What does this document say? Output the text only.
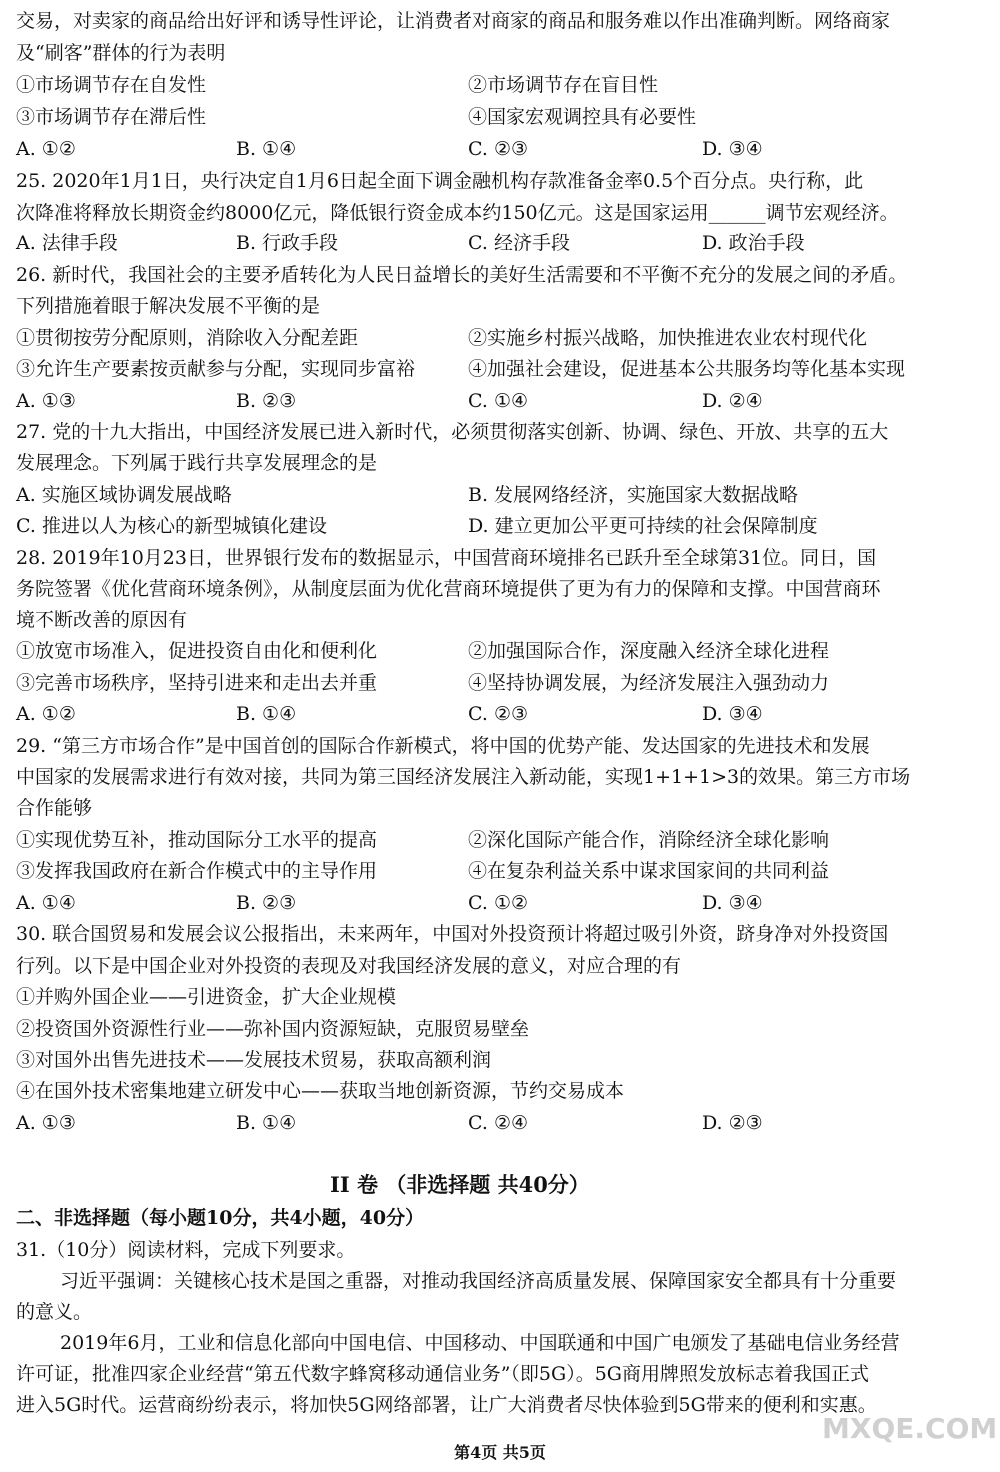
交易，对卖家的商品给出好评和诱导性评论，让消费者对商家的商品和服务难以作出准确判断。网络商家
及“刷客”群体的行为表明
①市场调节存在自发性	②市场调节存在盲目性
③市场调节存在滞后性	④国家宏观调控具有必要性
A. ①②	B. ①④	C. ②③	D. ③④
25. 2020年1月1日，央行决定自1月6日起全面下调金融机构存款准备金率0.5个百分点。央行称，此
次降准将释放长期资金约8000亿元，降低银行资金成本约150亿元。这是国家运用______调节宏观经济。
A. 法律手段	B. 行政手段	C. 经济手段	D. 政治手段
26. 新时代，我国社会的主要矛盾转化为人民日益增长的美好生活需要和不平衡不充分的发展之间的矛盾。
下列措施着眼于解决发展不平衡的是
①贯彻按劳分配原则，消除收入分配差距	②实施乡村振兴战略，加快推进农业农村现代化
③允许生产要素按贡献参与分配，实现同步富裕	④加强社会建设，促进基本公共服务均等化基本实现
A. ①③	B. ②③	C. ①④	D. ②④
27. 党的十九大指出，中国经济发展已进入新时代，必须贯彻落实创新、协调、绿色、开放、共享的五大
发展理念。下列属于践行共享发展理念的是
A. 实施区域协调发展战略	B. 发展网络经济，实施国家大数据战略
C. 推进以人为核心的新型城镇化建设	D. 建立更加公平更可持续的社会保障制度
28. 2019年10月23日，世界银行发布的数据显示，中国营商环境排名已跃升至全球第31位。同日，国
务院签署《优化营商环境条例》，从制度层面为优化营商环境提供了更为有力的保障和支撑。中国营商环
境不断改善的原因有
①放宽市场准入，促进投资自由化和便利化	②加强国际合作，深度融入经济全球化进程
③完善市场秩序，坚持引进来和走出去并重	④坚持协调发展，为经济发展注入强劲动力
A. ①②	B. ①④	C. ②③	D. ③④
29. “第三方市场合作”是中国首创的国际合作新模式，将中国的优势产能、发达国家的先进技术和发展
中国家的发展需求进行有效对接，共同为第三国经济发展注入新动能，实现1+1+1>3的效果。第三方市场
合作能够
①实现优势互补，推动国际分工水平的提高	②深化国际产能合作，消除经济全球化影响
③发挥我国政府在新合作模式中的主导作用	④在复杂利益关系中谋求国家间的共同利益
A. ①④	B. ②③	C. ①②	D. ③④
30. 联合国贸易和发展会议公报指出，未来两年，中国对外投资预计将超过吸引外资，跻身净对外投资国
行列。以下是中国企业对外投资的表现及对我国经济发展的意义，对应合理的有
①并购外国企业——引进资金，扩大企业规模
②投资国外资源性行业——弥补国内资源短缺，克服贸易壁垒
③对国外出售先进技术——发展技术贸易，获取高额利润
④在国外技术密集地建立研发中心——获取当地创新资源，节约交易成本
A. ①③	B. ①④	C. ②④	D. ②③
II 卷 （非选择题 共40分）
二、非选择题（每小题10分，共4小题，40分）
31.（10分）阅读材料，完成下列要求。
习近平强调：关键核心技术是国之重器，对推动我国经济高质量发展、保障国家安全都具有十分重要
的意义。
2019年6月，工业和信息化部向中国电信、中国移动、中国联通和中国广电颁发了基础电信业务经营
许可证，批准四家企业经营“第五代数字蜂窝移动通信业务”（即5G）。5G商用牌照发放标志着我国正式
进入5G时代。运营商纷纷表示，将加快5G网络部署，让广大消费者尽快体验到5G带来的便利和实惠。
第4页 共5页
MXQE.COM
